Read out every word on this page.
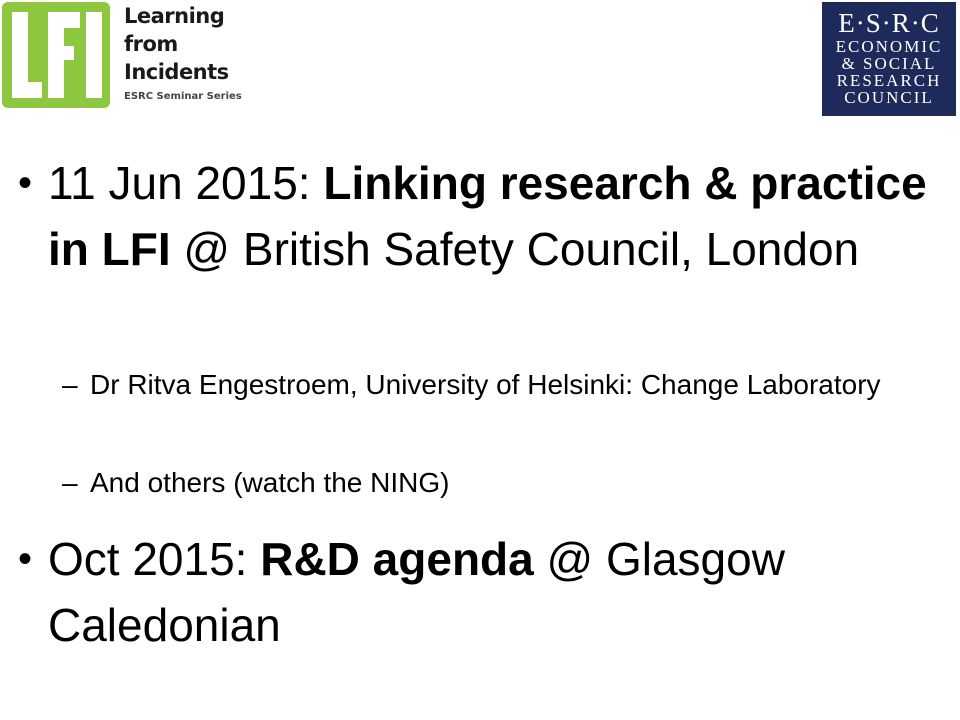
Learning
from
Incidents
ESRC Seminar Series
E·S·R·C
ECONOMIC
& SOCIAL
RESEARCH
COUNCIL
• 11 Jun 2015: Linking research & practice in LFI @ British Safety Council, London
– Dr Ritva Engestroem, University of Helsinki: Change Laboratory
– And others (watch the NING)
• Oct 2015: R&D agenda @ Glasgow Caledonian
